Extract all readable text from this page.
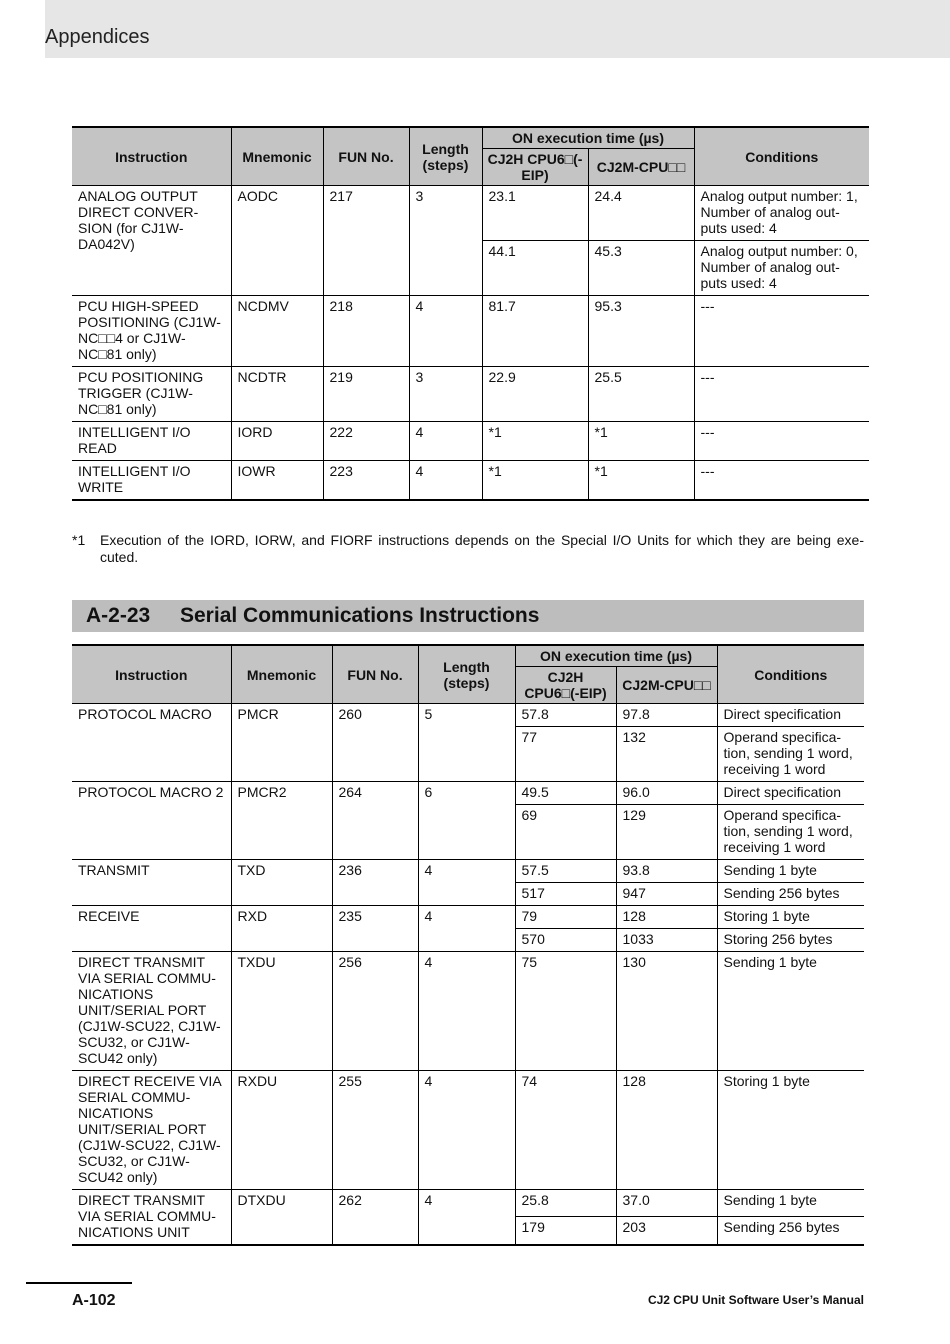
Appendices
Instruction	Mnemonic	FUN No.	Length (steps)	ON execution time (µs)		Conditions
				CJ2H CPU6□(-EIP)	CJ2M-CPU□□	
ANALOG OUTPUT DIRECT CONVER-SION (for CJ1W-DA042V)	AODC	217	3	23.1	24.4	Analog output number: 1, Number of analog out-puts used: 4
				44.1	45.3	Analog output number: 0, Number of analog out-puts used: 4
PCU HIGH-SPEED POSITIONING (CJ1W-NC□□4 or CJ1W-NC□81 only)	NCDMV	218	4	81.7	95.3	---
PCU POSITIONING TRIGGER (CJ1W-NC□81 only)	NCDTR	219	3	22.9	25.5	---
INTELLIGENT I/O READ	IORD	222	4	*1	*1	---
INTELLIGENT I/O WRITE	IOWR	223	4	*1	*1	---
*1 Execution of the IORD, IORW, and FIORF instructions depends on the Special I/O Units for which they are being exe-cuted.
A-2-23 Serial Communications Instructions
Instruction	Mnemonic	FUN No.	Length (steps)	ON execution time (µs)		Conditions
				CJ2H CPU6□(-EIP)	CJ2M-CPU□□	
PROTOCOL MACRO	PMCR	260	5	57.8	97.8	Direct specification
				77	132	Operand specifica-tion, sending 1 word, receiving 1 word
PROTOCOL MACRO 2	PMCR2	264	6	49.5	96.0	Direct specification
				69	129	Operand specifica-tion, sending 1 word, receiving 1 word
TRANSMIT	TXD	236	4	57.5	93.8	Sending 1 byte
				517	947	Sending 256 bytes
RECEIVE	RXD	235	4	79	128	Storing 1 byte
				570	1033	Storing 256 bytes
DIRECT TRANSMIT VIA SERIAL COMMU-NICATIONS UNIT/SERIAL PORT (CJ1W-SCU22, CJ1W-SCU32, or CJ1W-SCU42 only)	TXDU	256	4	75	130	Sending 1 byte
DIRECT RECEIVE VIA SERIAL COMMU-NICATIONS UNIT/SERIAL PORT (CJ1W-SCU22, CJ1W-SCU32, or CJ1W-SCU42 only)	RXDU	255	4	74	128	Storing 1 byte
DIRECT TRANSMIT VIA SERIAL COMMU-NICATIONS UNIT	DTXDU	262	4	25.8	37.0	Sending 1 byte
				179	203	Sending 256 bytes
A-102	CJ2 CPU Unit Software User’s Manual
